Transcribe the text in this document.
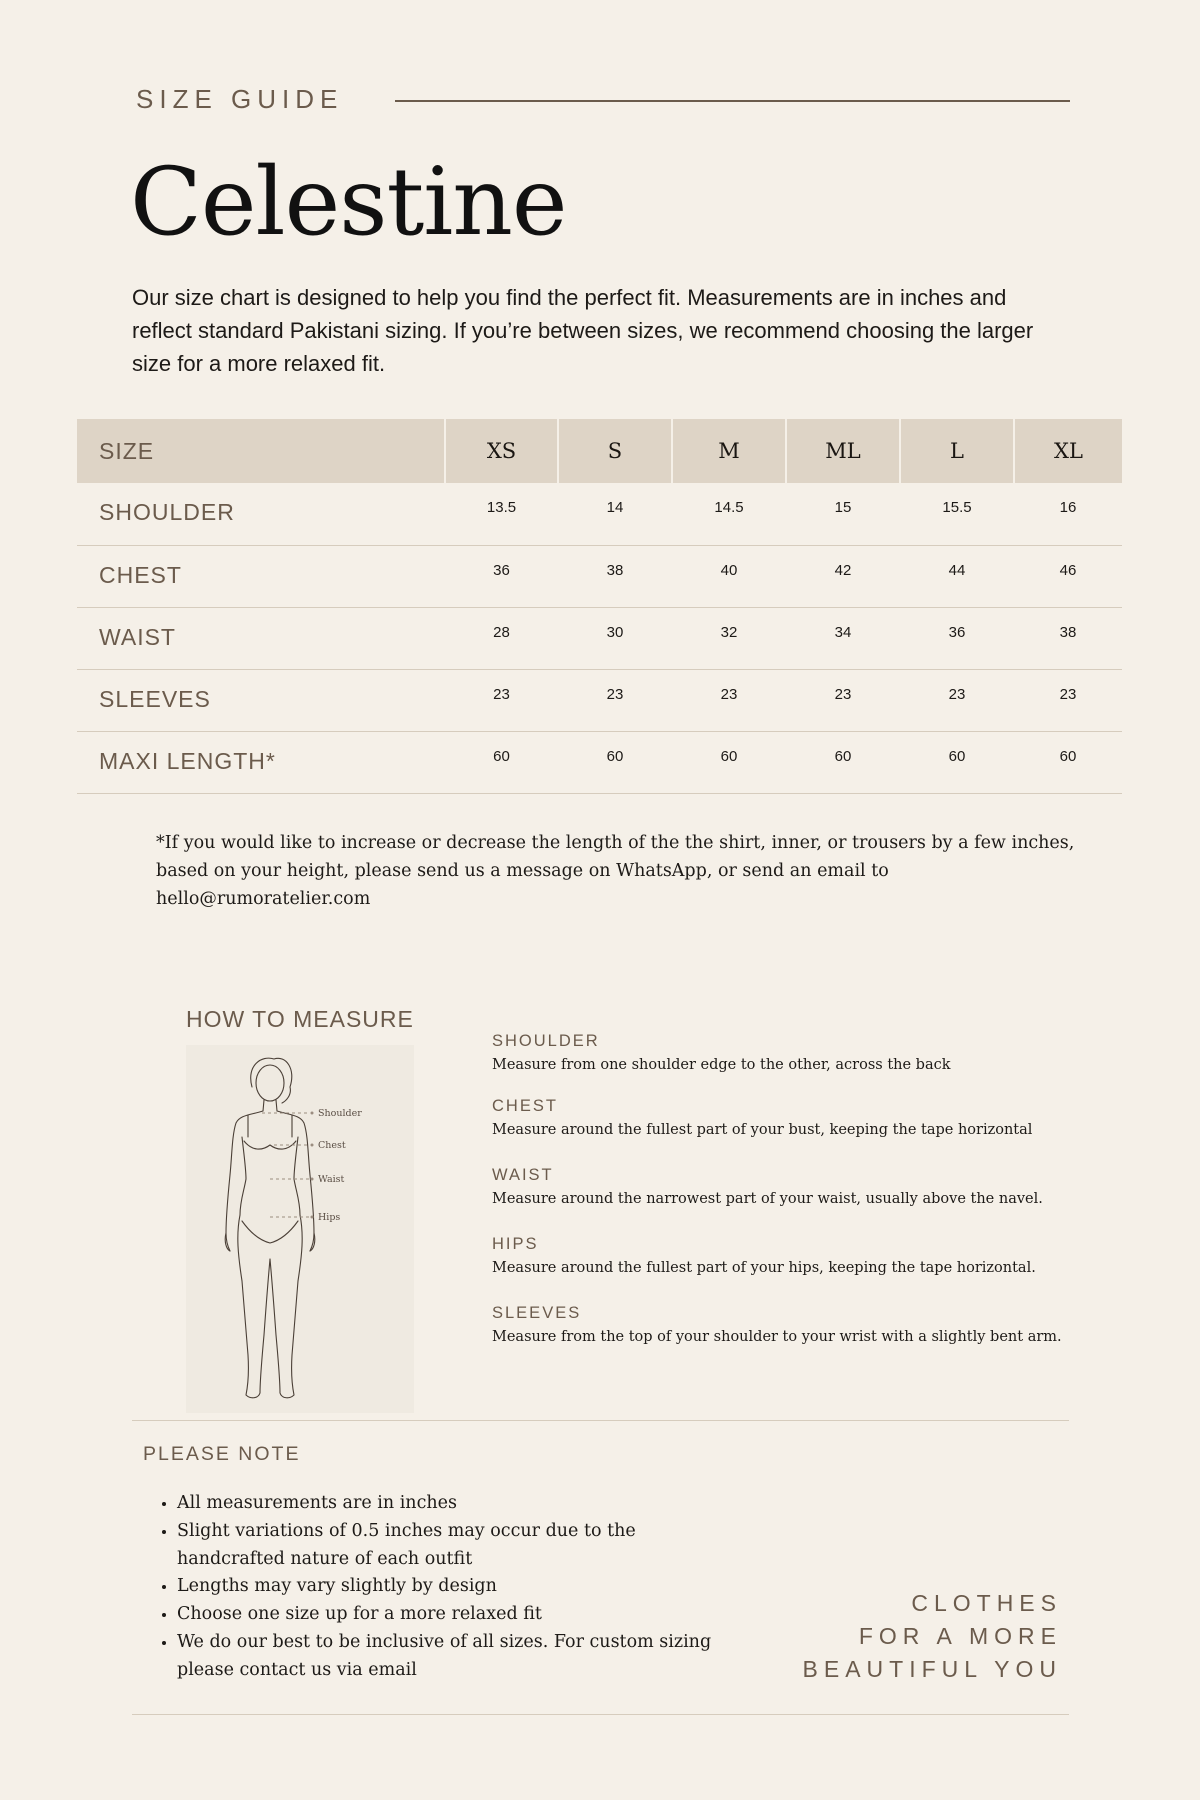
SIZE GUIDE
Celestine
Our size chart is designed to help you find the perfect fit. Measurements are in inches and reflect standard Pakistani sizing. If you’re between sizes, we recommend choosing the larger size for a more relaxed fit.
SIZE	XS	S	M	ML	L	XL
SHOULDER	13.5	14	14.5	15	15.5	16
CHEST	36	38	40	42	44	46
WAIST	28	30	32	34	36	38
SLEEVES	23	23	23	23	23	23
MAXI LENGTH*	60	60	60	60	60	60
*If you would like to increase or decrease the length of the the shirt, inner, or trousers by a few inches, based on your height, please send us a message on WhatsApp, or send an email to hello@rumoratelier.com
HOW TO MEASURE
Shoulder
Chest
Waist
Hips
SHOULDER
Measure from one shoulder edge to the other, across the back
CHEST
Measure around the fullest part of your bust, keeping the tape horizontal
WAIST
Measure around the narrowest part of your waist, usually above the navel.
HIPS
Measure around the fullest part of your hips, keeping the tape horizontal.
SLEEVES
Measure from the top of your shoulder to your wrist with a slightly bent arm.
PLEASE NOTE
• All measurements are in inches
• Slight variations of 0.5 inches may occur due to the handcrafted nature of each outfit
• Lengths may vary slightly by design
• Choose one size up for a more relaxed fit
• We do our best to be inclusive of all sizes. For custom sizing please contact us via email
CLOTHES
FOR A MORE
BEAUTIFUL YOU
